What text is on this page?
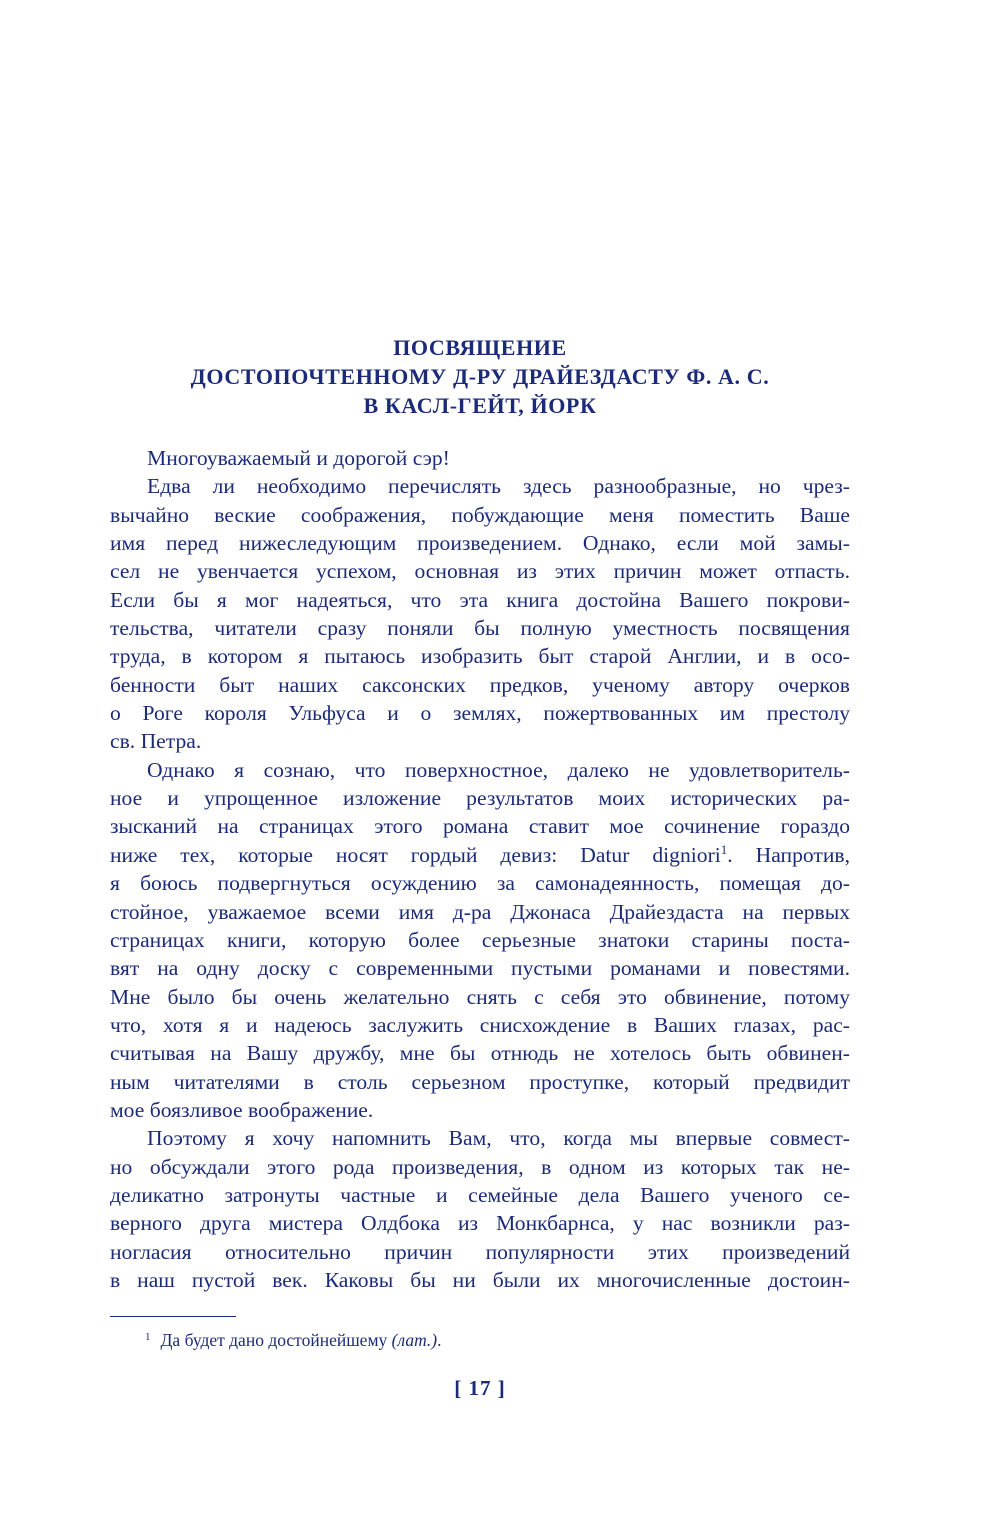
ПОСВЯЩЕНИЕ
ДОСТОПОЧТЕННОМУ Д-РУ ДРАЙЕЗДАСТУ Ф. А. С.
В КАСЛ-ГЕЙТ, ЙОРК
Многоуважаемый и дорогой сэр!
Едва ли необходимо перечислять здесь разнообразные, но чрез-
вычайно веские соображения, побуждающие меня поместить Ваше
имя перед нижеследующим произведением. Однако, если мой замы-
сел не увенчается успехом, основная из этих причин может отпасть.
Если бы я мог надеяться, что эта книга достойна Вашего покрови-
тельства, читатели сразу поняли бы полную уместность посвящения
труда, в котором я пытаюсь изобразить быт старой Англии, и в осо-
бенности быт наших саксонских предков, ученому автору очерков
о Роге короля Ульфуса и о землях, пожертвованных им престолу
св. Петра.
Однако я сознаю, что поверхностное, далеко не удовлетворитель-
ное и упрощенное изложение результатов моих исторических ра-
зысканий на страницах этого романа ставит мое сочинение гораздо
ниже тех, которые носят гордый девиз: Datur digniori$^1$. Напротив,
я боюсь подвергнуться осуждению за самонадеянность, помещая до-
стойное, уважаемое всеми имя д-ра Джонаса Драйездаста на первых
страницах книги, которую более серьезные знатоки старины поста-
вят на одну доску с современными пустыми романами и повестями.
Мне было бы очень желательно снять с себя это обвинение, потому
что, хотя я и надеюсь заслужить снисхождение в Ваших глазах, рас-
считывая на Вашу дружбу, мне бы отнюдь не хотелось быть обвинен-
ным читателями в столь серьезном проступке, который предвидит
мое боязливое воображение.
Поэтому я хочу напомнить Вам, что, когда мы впервые совмест-
но обсуждали этого рода произведения, в одном из которых так не-
деликатно затронуты частные и семейные дела Вашего ученого се-
верного друга мистера Олдбока из Монкбарнса, у нас возникли раз-
ногласия относительно причин популярности этих произведений
в наш пустой век. Каковы бы ни были их многочисленные достоин-
$^1$ Да будет дано достойнейшему (лат.).
[ 17 ]
